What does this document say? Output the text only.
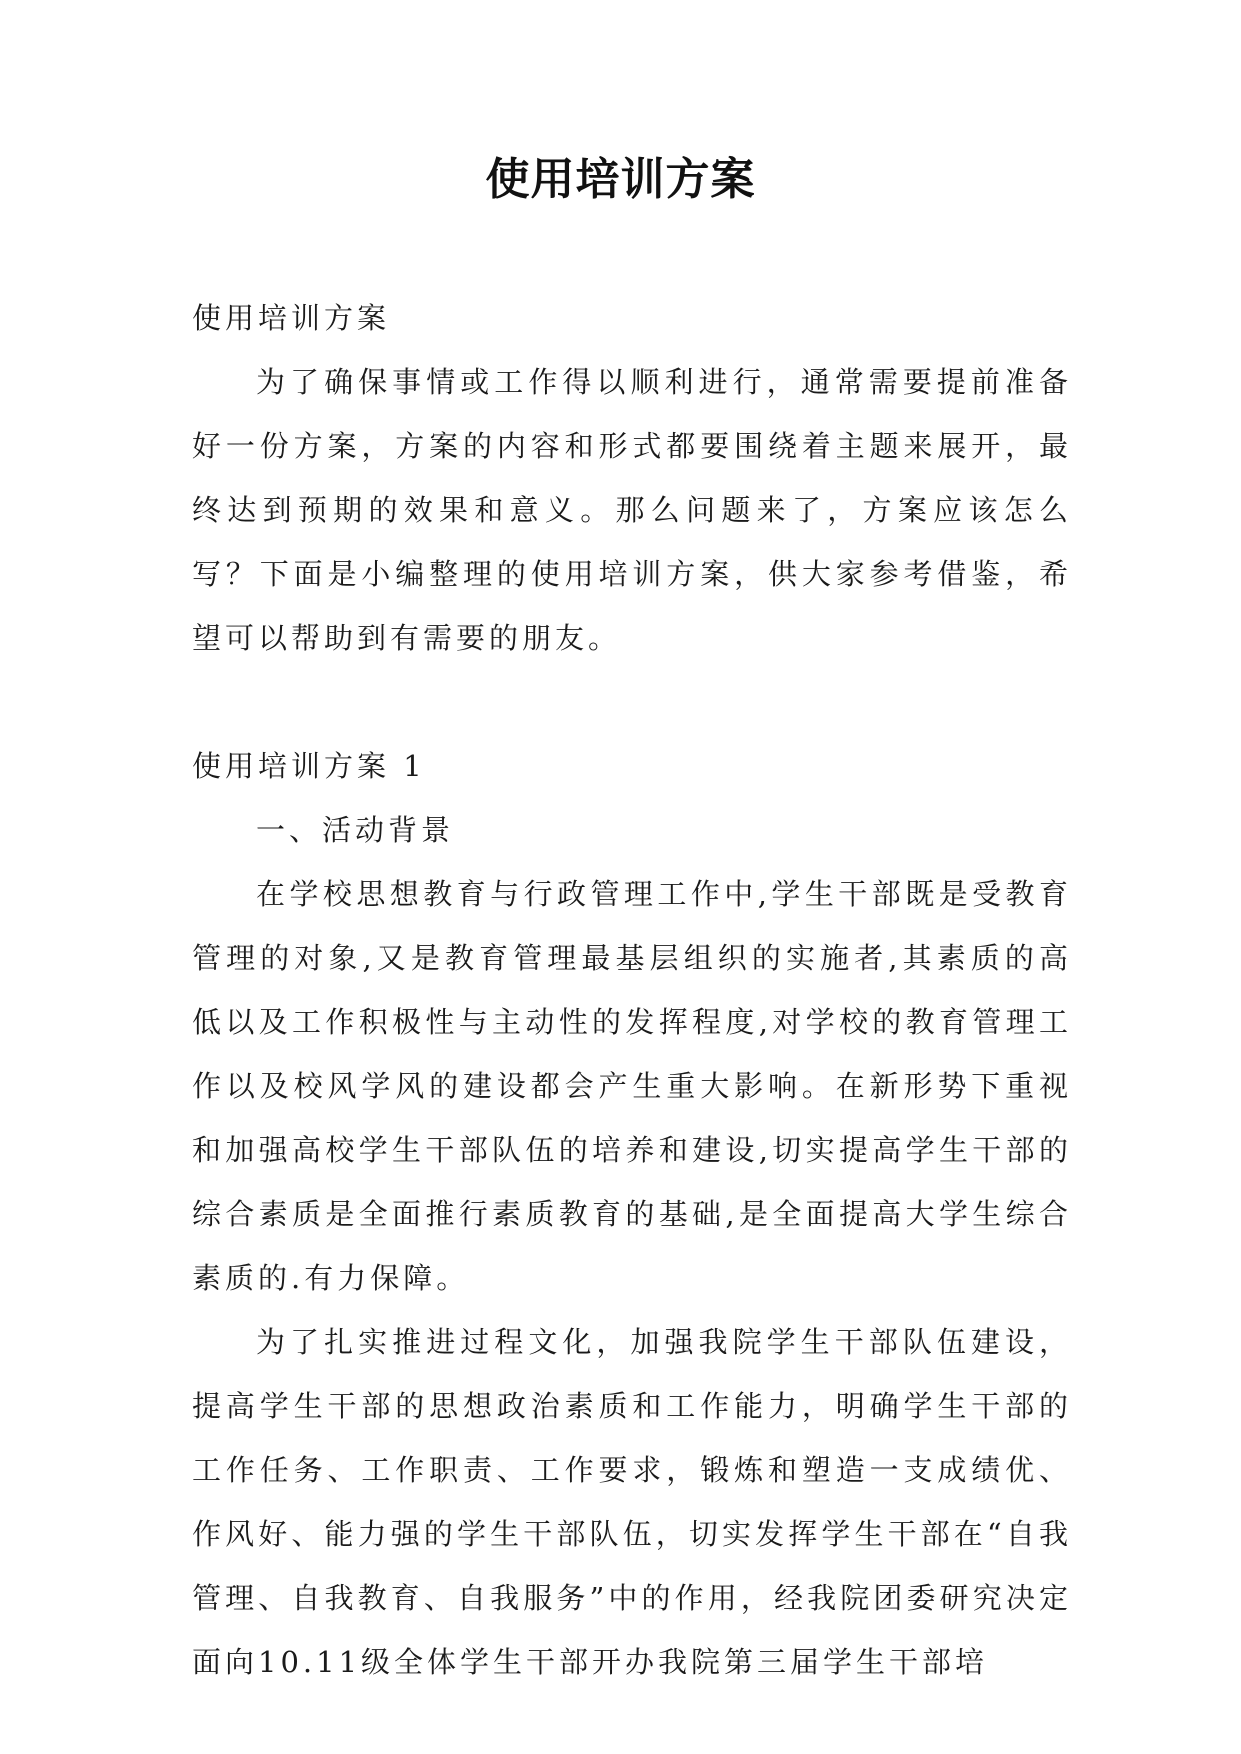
使用培训方案

使用培训方案

为了确保事情或工作得以顺利进行，通常需要提前准备好一份方案，方案的内容和形式都要围绕着主题来展开，最终达到预期的效果和意义。那么问题来了，方案应该怎么写？下面是小编整理的使用培训方案，供大家参考借鉴，希望可以帮助到有需要的朋友。

使用培训方案 1

一、活动背景

在学校思想教育与行政管理工作中,学生干部既是受教育管理的对象,又是教育管理最基层组织的实施者,其素质的高低以及工作积极性与主动性的发挥程度,对学校的教育管理工作以及校风学风的建设都会产生重大影响。在新形势下重视和加强高校学生干部队伍的培养和建设,切实提高学生干部的综合素质是全面推行素质教育的基础,是全面提高大学生综合素质的.有力保障。

为了扎实推进过程文化，加强我院学生干部队伍建设，提高学生干部的思想政治素质和工作能力，明确学生干部的工作任务、工作职责、工作要求，锻炼和塑造一支成绩优、作风好、能力强的学生干部队伍，切实发挥学生干部在“自我管理、自我教育、自我服务”中的作用，经我院团委研究决定面向10.11级全体学生干部开办我院第三届学生干部培
